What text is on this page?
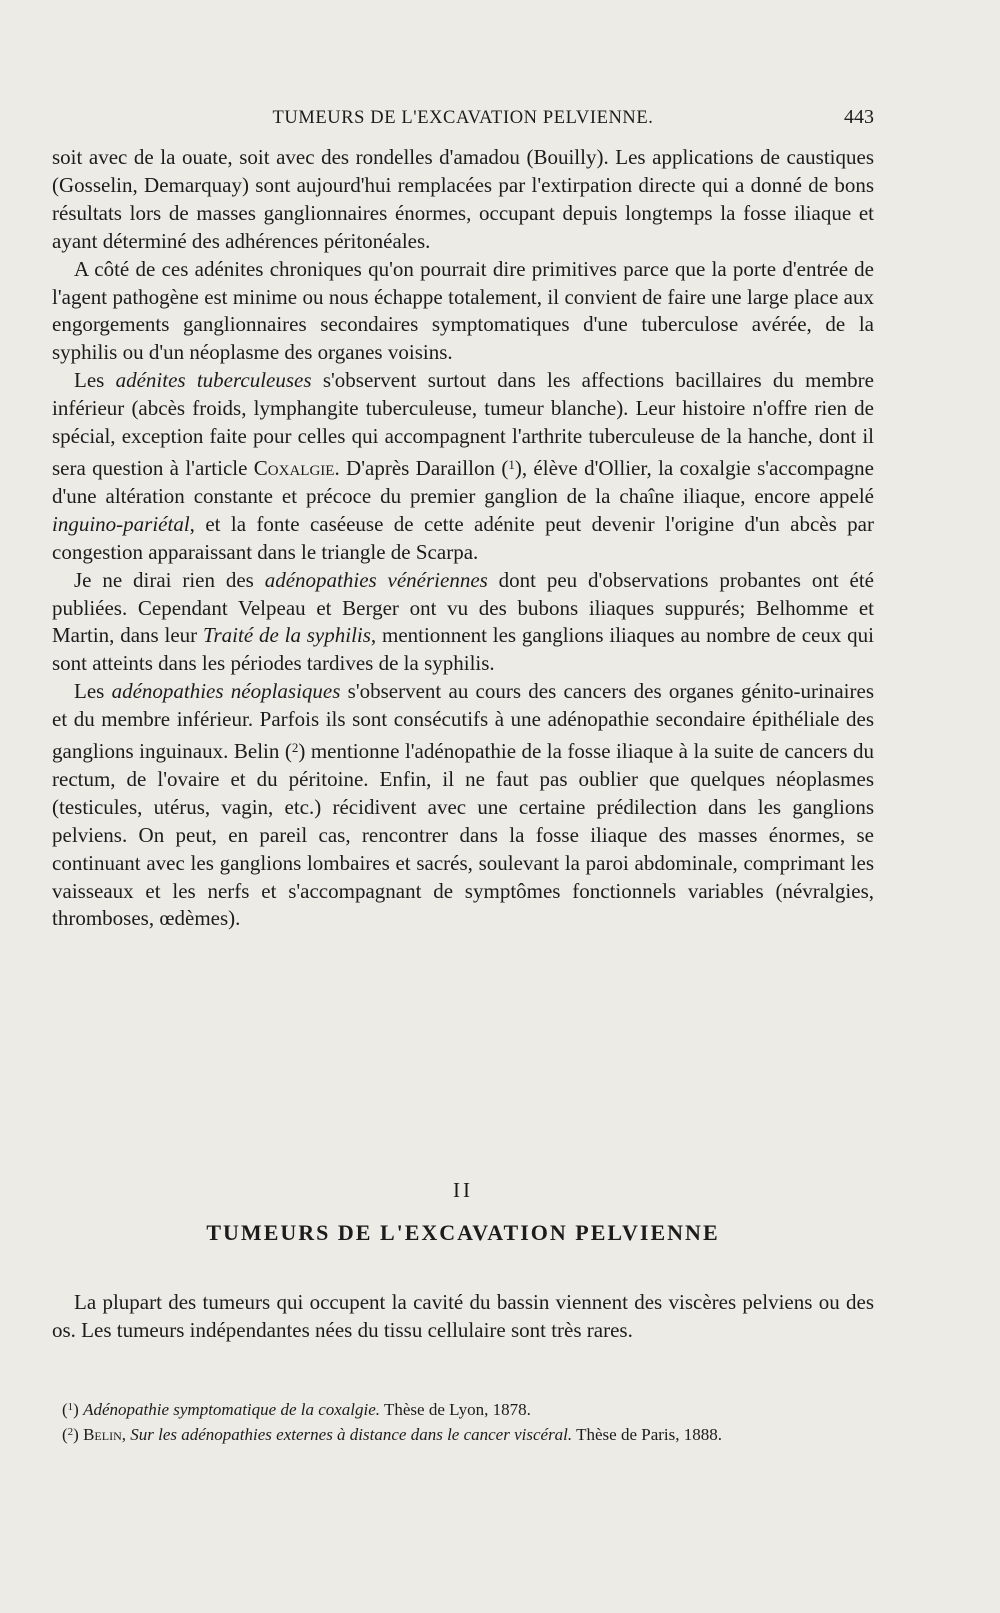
TUMEURS DE L'EXCAVATION PELVIENNE.	443

soit avec de la ouate, soit avec des rondelles d'amadou (Bouilly). Les applications de caustiques (Gosselin, Demarquay) sont aujourd'hui remplacées par l'extirpation directe qui a donné de bons résultats lors de masses ganglionnaires énormes, occupant depuis longtemps la fosse iliaque et ayant déterminé des adhérences péritonéales.

A côté de ces adénites chroniques qu'on pourrait dire primitives parce que la porte d'entrée de l'agent pathogène est minime ou nous échappe totalement, il convient de faire une large place aux engorgements ganglionnaires secondaires symptomatiques d'une tuberculose avérée, de la syphilis ou d'un néoplasme des organes voisins.

Les adénites tuberculeuses s'observent surtout dans les affections bacillaires du membre inférieur (abcès froids, lymphangite tuberculeuse, tumeur blanche). Leur histoire n'offre rien de spécial, exception faite pour celles qui accompagnent l'arthrite tuberculeuse de la hanche, dont il sera question à l'article Coxalgie. D'après Daraillon ($^1$), élève d'Ollier, la coxalgie s'accompagne d'une altération constante et précoce du premier ganglion de la chaîne iliaque, encore appelé inguino-pariétal, et la fonte caséeuse de cette adénite peut devenir l'origine d'un abcès par congestion apparaissant dans le triangle de Scarpa.

Je ne dirai rien des adénopathies vénériennes dont peu d'observations probantes ont été publiées. Cependant Velpeau et Berger ont vu des bubons iliaques suppurés; Belhomme et Martin, dans leur Traité de la syphilis, mentionnent les ganglions iliaques au nombre de ceux qui sont atteints dans les périodes tardives de la syphilis.

Les adénopathies néoplasiques s'observent au cours des cancers des organes génito-urinaires et du membre inférieur. Parfois ils sont consécutifs à une adénopathie secondaire épithéliale des ganglions inguinaux. Belin ($^2$) mentionne l'adénopathie de la fosse iliaque à la suite de cancers du rectum, de l'ovaire et du péritoine. Enfin, il ne faut pas oublier que quelques néoplasmes (testicules, utérus, vagin, etc.) récidivent avec une certaine prédilection dans les ganglions pelviens. On peut, en pareil cas, rencontrer dans la fosse iliaque des masses énormes, se continuant avec les ganglions lombaires et sacrés, soulevant la paroi abdominale, comprimant les vaisseaux et les nerfs et s'accompagnant de symptômes fonctionnels variables (névralgies, thromboses, œdèmes).

II
TUMEURS DE L'EXCAVATION PELVIENNE
La plupart des tumeurs qui occupent la cavité du bassin viennent des viscères pelviens ou des os. Les tumeurs indépendantes nées du tissu cellulaire sont très rares.

($^1$) Adénopathie symptomatique de la coxalgie. Thèse de Lyon, 1878.

($^2$) Belin, Sur les adénopathies externes à distance dans le cancer viscéral. Thèse de Paris, 1888.
